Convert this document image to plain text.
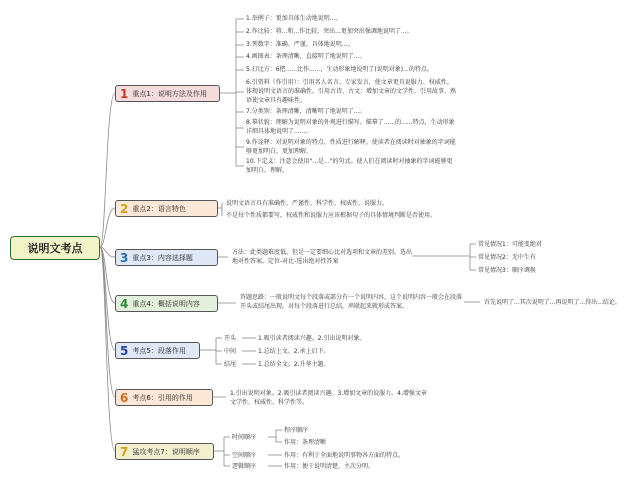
说明文考点
1 重点1：说明方法及作用
1.举例子：更加具体生动地说明...。
2.作比较：将...和...作比较，突出...更加突出强调地说明了...。
3.列数字：准确、严谨、具体地说明...。
4.画图表：条理清晰，直接明了地说明了...。
5.打比方：6把......比作......，生动形象地说明了(说明对象)...的特点。
6.引资料（作引用）：引用名人名言、专家发言，使文章更具说服力、权威性。体现说明文语言的准确性。引用古诗、古文：增加文章的文学性，引用故事、熟语使文章具有趣味性。
7.分类别：条理清晰，清晰明了地说明了...。
8.摹状貌：理解为说明对象的外观进行描写。描摹了......的......特点，生动形象详细具体地说明了......。
9.作诠释：对说明对象的特点、性质进行解释。使读者在阅读时对抽象的字词能够更加明白，更加理解。
10.下定义：注意会使用"...是..."的句式。使人们在阅读时对抽象的字词能够更加明白，理解。
2 重点2：语言特色
说明文语言具有准确性、严谨性、科学性、权威性、说服力。
不是每个性质都要写，权威性和说服力应该根据句子的具体情境判断是否使用。
3 重点3：内容选择题
方法：此类题难度低，但是一定要细心比对选项和文章的差别。选出地对性答案。定位-对比-选出绝对性答案
常见情况1：可能变绝对
常见情况2：无中生有
常见情况3：顺序调换
4 重点4：概括说明内容
答题思路：一般说明文每个段落或部分有一个说明内容，这个说明内容一般会在段落开头或结尾出现。对每个段落进行总结，串联起来就形成答案。
首先说明了...其次说明了...再说明了...得出...结论。
5 考点5：段落作用
开头	1.吸引读者阅读兴趣。2.引出说明对象。
中间	1.总结上文。2.承上启下。
结尾	1.总结全文。2.升华主题。
6 考点6：引用的作用	1.引出说明对象。2.吸引读者阅读兴趣。3.增加文章的说服力。4.增强文章文学性、权威性、科学性等。
7 猛攻考点7：说明顺序
时间顺序
程序顺序
作用：条理清晰
空间顺序	作用：有利于全面地说明事物各方面的特点。
逻辑顺序	作用：便于说明清楚，主次分明。
